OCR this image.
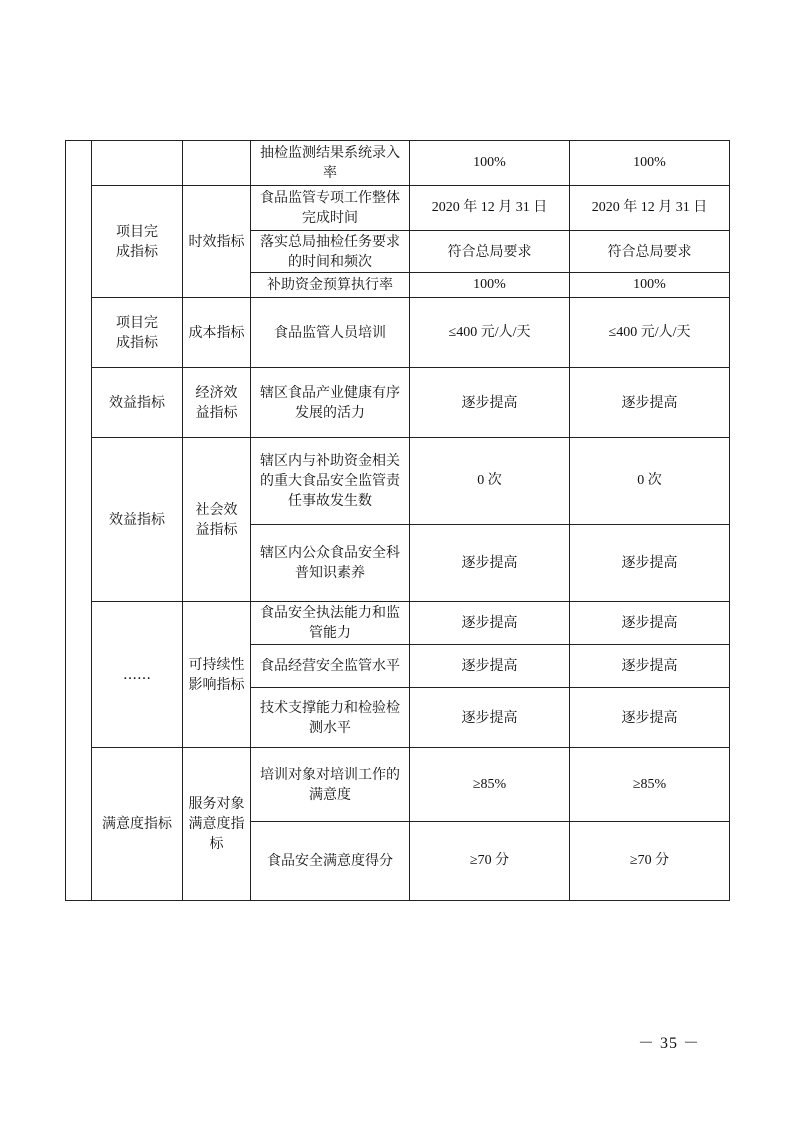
			抽检监测结果系统录入率	100%	100%
	项目完成指标	时效指标	食品监管专项工作整体完成时间	2020 年 12 月 31 日	2020 年 12 月 31 日
			落实总局抽检任务要求的时间和频次	符合总局要求	符合总局要求
			补助资金预算执行率	100%	100%
	项目完成指标	成本指标	食品监管人员培训	≤400 元/人/天	≤400 元/人/天
	效益指标	经济效益指标	辖区食品产业健康有序发展的活力	逐步提高	逐步提高
	效益指标	社会效益指标	辖区内与补助资金相关的重大食品安全监管责任事故发生数	0 次	0 次
			辖区内公众食品安全科普知识素养	逐步提高	逐步提高
	……	可持续性影响指标	食品安全执法能力和监管能力	逐步提高	逐步提高
			食品经营安全监管水平	逐步提高	逐步提高
			技术支撑能力和检验检测水平	逐步提高	逐步提高
	满意度指标	服务对象满意度指标	培训对象对培训工作的满意度	≥85%	≥85%
			食品安全满意度得分	≥70 分	≥70 分
－ 35 －
